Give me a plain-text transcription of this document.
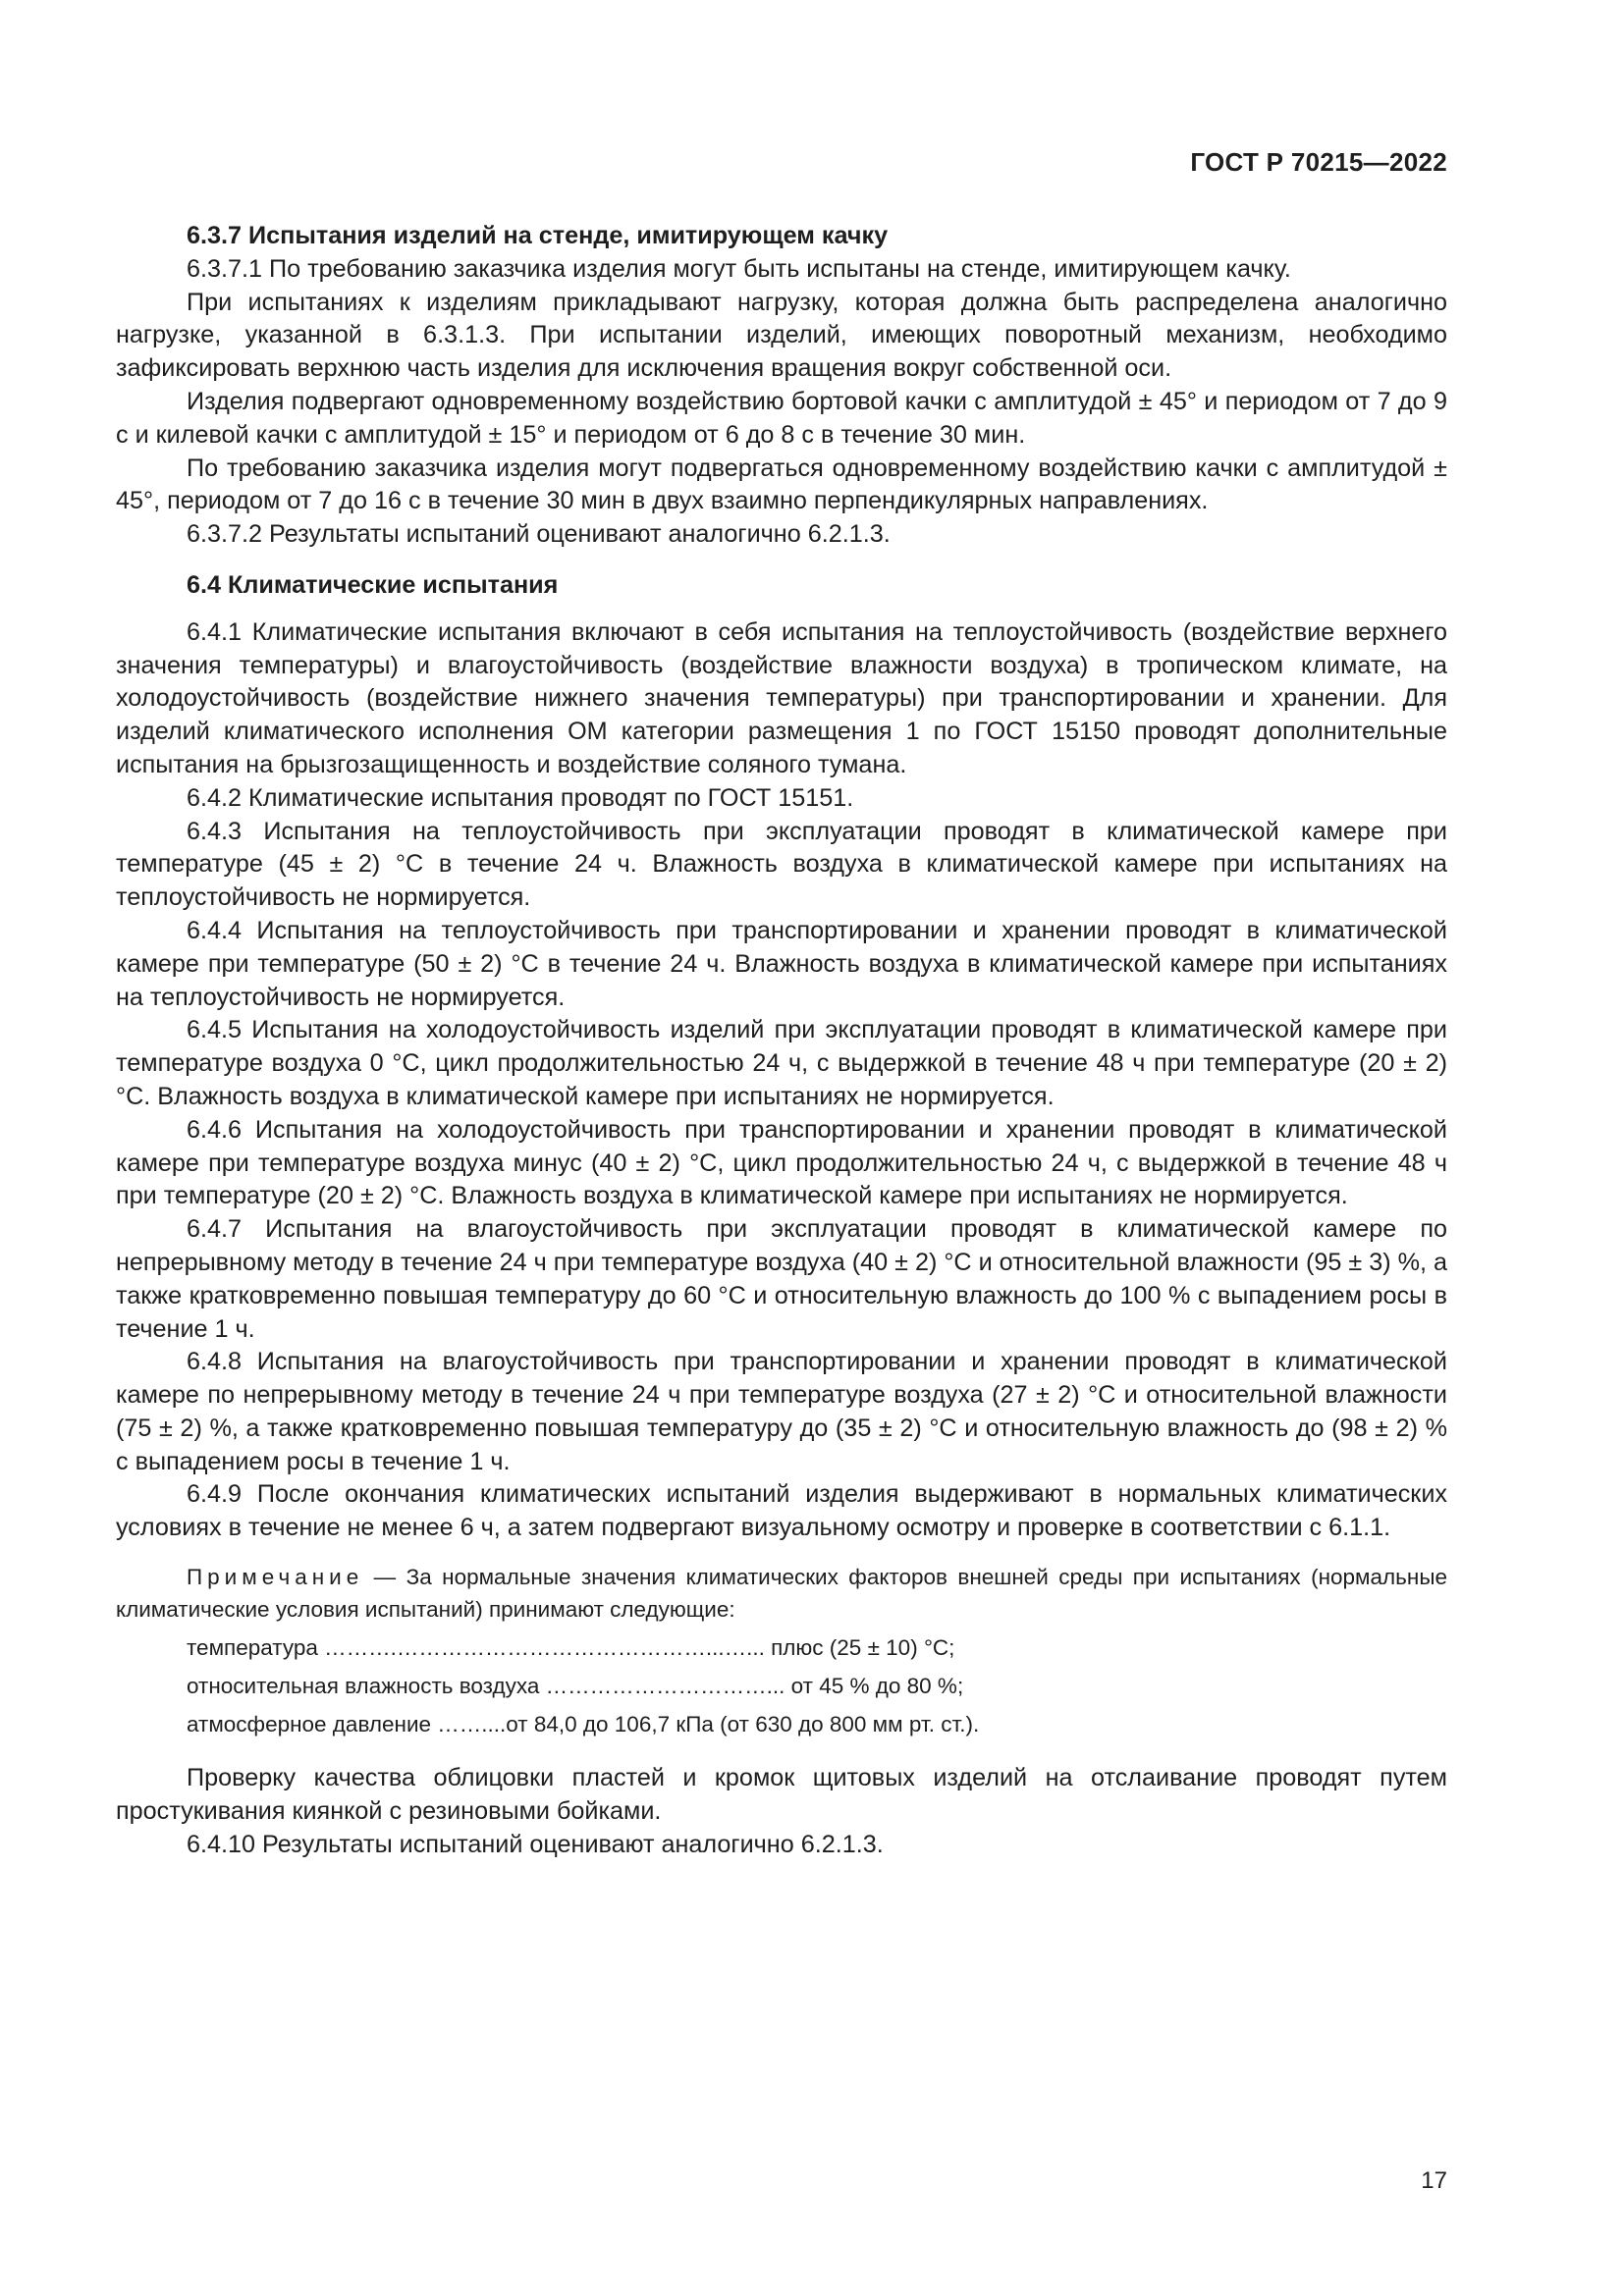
ГОСТ Р 70215—2022

6.3.7 Испытания изделий на стенде, имитирующем качку

6.3.7.1 По требованию заказчика изделия могут быть испытаны на стенде, имитирующем качку.

При испытаниях к изделиям прикладывают нагрузку, которая должна быть распределена аналогично нагрузке, указанной в 6.3.1.3. При испытании изделий, имеющих поворотный механизм, необходимо зафиксировать верхнюю часть изделия для исключения вращения вокруг собственной оси.

Изделия подвергают одновременному воздействию бортовой качки с амплитудой ± 45° и периодом от 7 до 9 с и килевой качки с амплитудой ± 15° и периодом от 6 до 8 с в течение 30 мин.

По требованию заказчика изделия могут подвергаться одновременному воздействию качки с амплитудой ± 45°, периодом от 7 до 16 с в течение 30 мин в двух взаимно перпендикулярных направлениях.

6.3.7.2 Результаты испытаний оценивают аналогично 6.2.1.3.

6.4 Климатические испытания

6.4.1 Климатические испытания включают в себя испытания на теплоустойчивость (воздействие верхнего значения температуры) и влагоустойчивость (воздействие влажности воздуха) в тропическом климате, на холодоустойчивость (воздействие нижнего значения температуры) при транспортировании и хранении. Для изделий климатического исполнения ОМ категории размещения 1 по ГОСТ 15150 проводят дополнительные испытания на брызгозащищенность и воздействие соляного тумана.

6.4.2 Климатические испытания проводят по ГОСТ 15151.

6.4.3 Испытания на теплоустойчивость при эксплуатации проводят в климатической камере при температуре (45 ± 2) °С в течение 24 ч. Влажность воздуха в климатической камере при испытаниях на теплоустойчивость не нормируется.

6.4.4 Испытания на теплоустойчивость при транспортировании и хранении проводят в климатической камере при температуре (50 ± 2) °С в течение 24 ч. Влажность воздуха в климатической камере при испытаниях на теплоустойчивость не нормируется.

6.4.5 Испытания на холодоустойчивость изделий при эксплуатации проводят в климатической камере при температуре воздуха 0 °С, цикл продолжительностью 24 ч, с выдержкой в течение 48 ч при температуре (20 ± 2) °С. Влажность воздуха в климатической камере при испытаниях не нормируется.

6.4.6 Испытания на холодоустойчивость при транспортировании и хранении проводят в климатической камере при температуре воздуха минус (40 ± 2) °С, цикл продолжительностью 24 ч, с выдержкой в течение 48 ч при температуре (20 ± 2) °С. Влажность воздуха в климатической камере при испытаниях не нормируется.

6.4.7 Испытания на влагоустойчивость при эксплуатации проводят в климатической камере по непрерывному методу в течение 24 ч при температуре воздуха (40 ± 2) °С и относительной влажности (95 ± 3) %, а также кратковременно повышая температуру до 60 °С и относительную влажность до 100 % с выпадением росы в течение 1 ч.

6.4.8 Испытания на влагоустойчивость при транспортировании и хранении проводят в климатической камере по непрерывному методу в течение 24 ч при температуре воздуха (27 ± 2) °С и относительной влажности (75 ± 2) %, а также кратковременно повышая температуру до (35 ± 2) °С и относительную влажность до (98 ± 2) % с выпадением росы в течение 1 ч.

6.4.9 После окончания климатических испытаний изделия выдерживают в нормальных климатических условиях в течение не менее 6 ч, а затем подвергают визуальному осмотру и проверке в соответствии с 6.1.1.

Примечание — За нормальные значения климатических факторов внешней среды при испытаниях (нормальные климатические условия испытаний) принимают следующие:

температура ……….……………………………………...…... плюс (25 ± 10) °С;

относительная влажность воздуха …………………………... от 45 % до 80 %;

атмосферное давление ……....от 84,0 до 106,7 кПа (от 630 до 800 мм рт. ст.).

Проверку качества облицовки пластей и кромок щитовых изделий на отслаивание проводят путем простукивания киянкой с резиновыми бойками.

6.4.10 Результаты испытаний оценивают аналогично 6.2.1.3.

17
